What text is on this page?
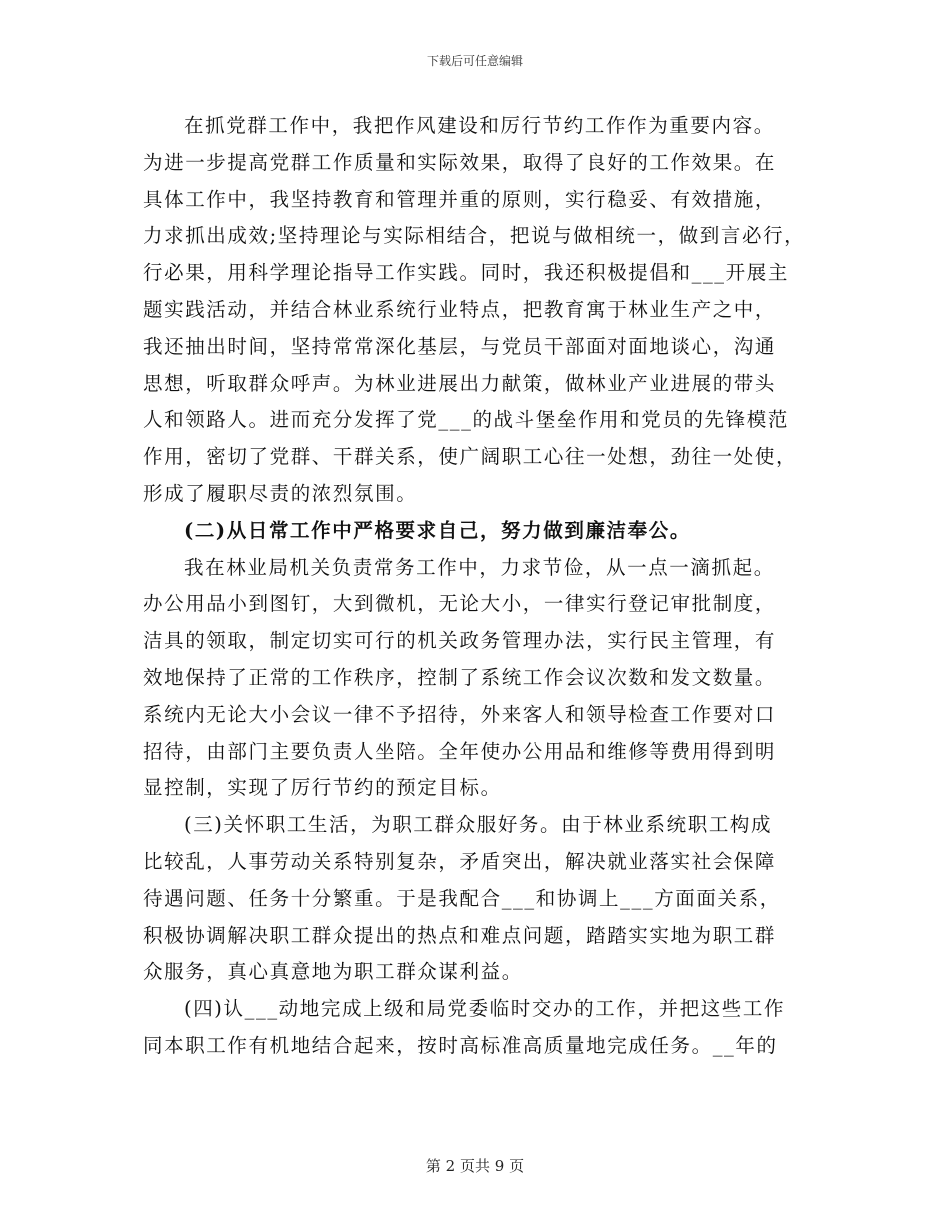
下载后可任意编辑
在抓党群工作中，我把作风建设和厉行节约工作作为重要内容。
为进一步提高党群工作质量和实际效果，取得了良好的工作效果。在
具体工作中，我坚持教育和管理并重的原则，实行稳妥、有效措施，
力求抓出成效;坚持理论与实际相结合，把说与做相统一，做到言必行，
行必果，用科学理论指导工作实践。同时，我还积极提倡和___开展主
题实践活动，并结合林业系统行业特点，把教育寓于林业生产之中，
我还抽出时间，坚持常常深化基层，与党员干部面对面地谈心，沟通
思想，听取群众呼声。为林业进展出力献策，做林业产业进展的带头
人和领路人。进而充分发挥了党___的战斗堡垒作用和党员的先锋模范
作用，密切了党群、干群关系，使广阔职工心往一处想，劲往一处使，
形成了履职尽责的浓烈氛围。
(二)从日常工作中严格要求自己，努力做到廉洁奉公。
我在林业局机关负责常务工作中，力求节俭，从一点一滴抓起。
办公用品小到图钉，大到微机，无论大小，一律实行登记审批制度，
洁具的领取，制定切实可行的机关政务管理办法，实行民主管理，有
效地保持了正常的工作秩序，控制了系统工作会议次数和发文数量。
系统内无论大小会议一律不予招待，外来客人和领导检查工作要对口
招待，由部门主要负责人坐陪。全年使办公用品和维修等费用得到明
显控制，实现了厉行节约的预定目标。
(三)关怀职工生活，为职工群众服好务。由于林业系统职工构成
比较乱，人事劳动关系特别复杂，矛盾突出，解决就业落实社会保障
待遇问题、任务十分繁重。于是我配合___和协调上___方面面关系，
积极协调解决职工群众提出的热点和难点问题，踏踏实实地为职工群
众服务，真心真意地为职工群众谋利益。
(四)认___动地完成上级和局党委临时交办的工作，并把这些工作
同本职工作有机地结合起来，按时高标准高质量地完成任务。__年的
第 2 页共 9 页
